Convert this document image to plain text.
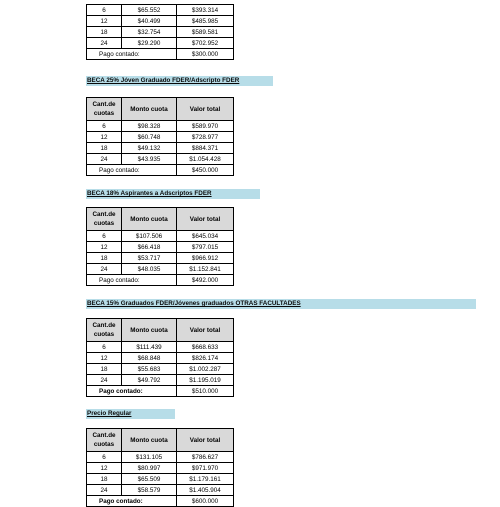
6	$65.552	$393.314
12	$40.499	$485.985
18	$32.754	$589.581
24	$29.290	$702.952
Pago contado:		$300.000
BECA 25% Jóven Graduado FDER/Adscripto FDER
Cant.de cuotas	Monto cuota	Valor total
6	$98.328	$589.970
12	$60.748	$728.977
18	$49.132	$884.371
24	$43.935	$1.054.428
Pago contado:		$450.000
BECA 18% Aspirantes a Adscriptos FDER
Cant.de cuotas	Monto cuota	Valor total
6	$107.506	$645.034
12	$66.418	$797.015
18	$53.717	$966.912
24	$48.035	$1.152.841
Pago contado:		$492.000
BECA 15% Graduados FDER/Jóvenes graduados OTRAS FACULTADES
Cant.de cuotas	Monto cuota	Valor total
6	$111.439	$668.633
12	$68.848	$826.174
18	$55.683	$1.002.287
24	$49.792	$1.195.019
Pago contado:		$510.000
Precio Regular
Cant.de cuotas	Monto cuota	Valor total
6	$131.105	$786.627
12	$80.997	$971.970
18	$65.509	$1.179.161
24	$58.579	$1.405.904
Pago contado:		$600.000
